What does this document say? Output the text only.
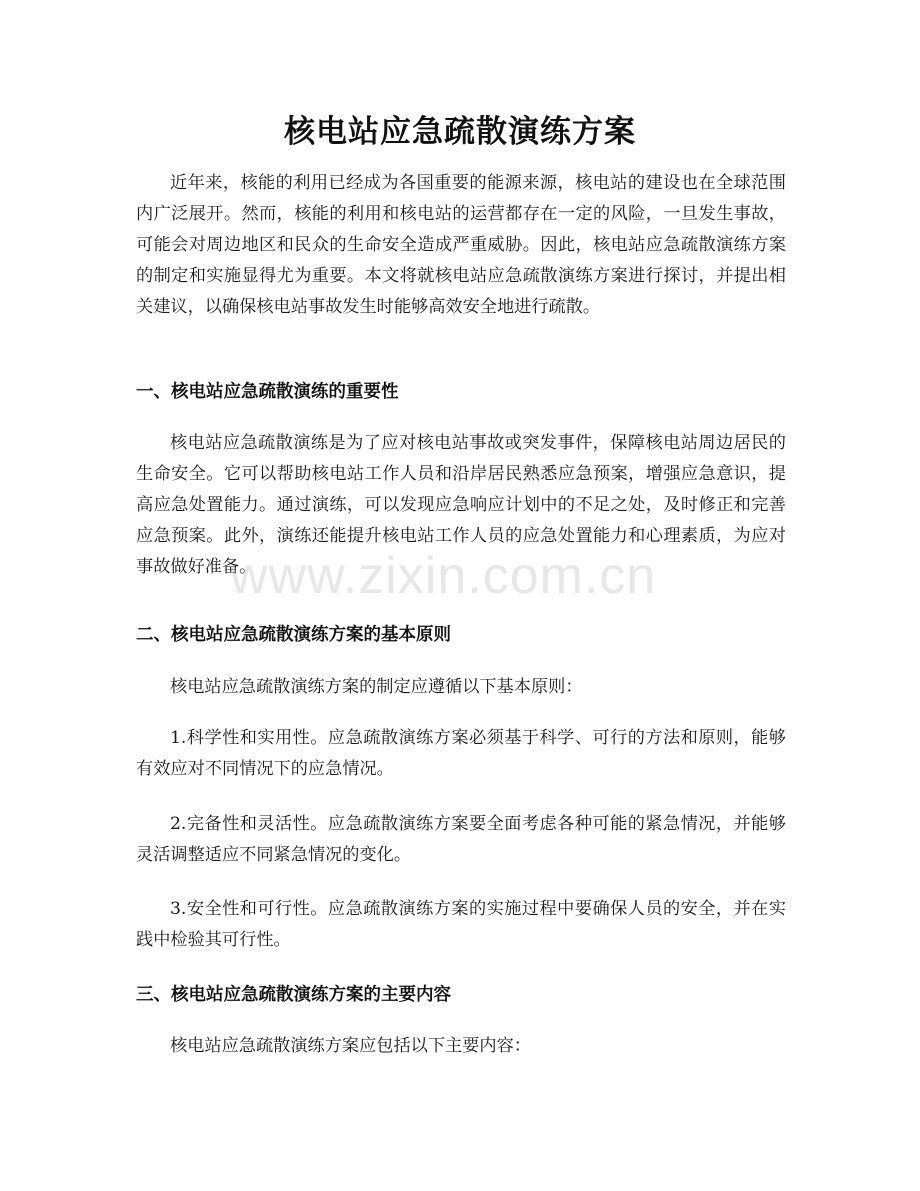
核电站应急疏散演练方案

近年来，核能的利用已经成为各国重要的能源来源，核电站的建设也在全球范围内广泛展开。然而，核能的利用和核电站的运营都存在一定的风险，一旦发生事故，可能会对周边地区和民众的生命安全造成严重威胁。因此，核电站应急疏散演练方案的制定和实施显得尤为重要。本文将就核电站应急疏散演练方案进行探讨，并提出相关建议，以确保核电站事故发生时能够高效安全地进行疏散。

一、核电站应急疏散演练的重要性

核电站应急疏散演练是为了应对核电站事故或突发事件，保障核电站周边居民的生命安全。它可以帮助核电站工作人员和沿岸居民熟悉应急预案，增强应急意识，提高应急处置能力。通过演练，可以发现应急响应计划中的不足之处，及时修正和完善应急预案。此外，演练还能提升核电站工作人员的应急处置能力和心理素质，为应对事故做好准备。

二、核电站应急疏散演练方案的基本原则

核电站应急疏散演练方案的制定应遵循以下基本原则：

1.科学性和实用性。应急疏散演练方案必须基于科学、可行的方法和原则，能够有效应对不同情况下的应急情况。

2.完备性和灵活性。应急疏散演练方案要全面考虑各种可能的紧急情况，并能够灵活调整适应不同紧急情况的变化。

3.安全性和可行性。应急疏散演练方案的实施过程中要确保人员的安全，并在实践中检验其可行性。

三、核电站应急疏散演练方案的主要内容

核电站应急疏散演练方案应包括以下主要内容：

www.zixin.com.cn
